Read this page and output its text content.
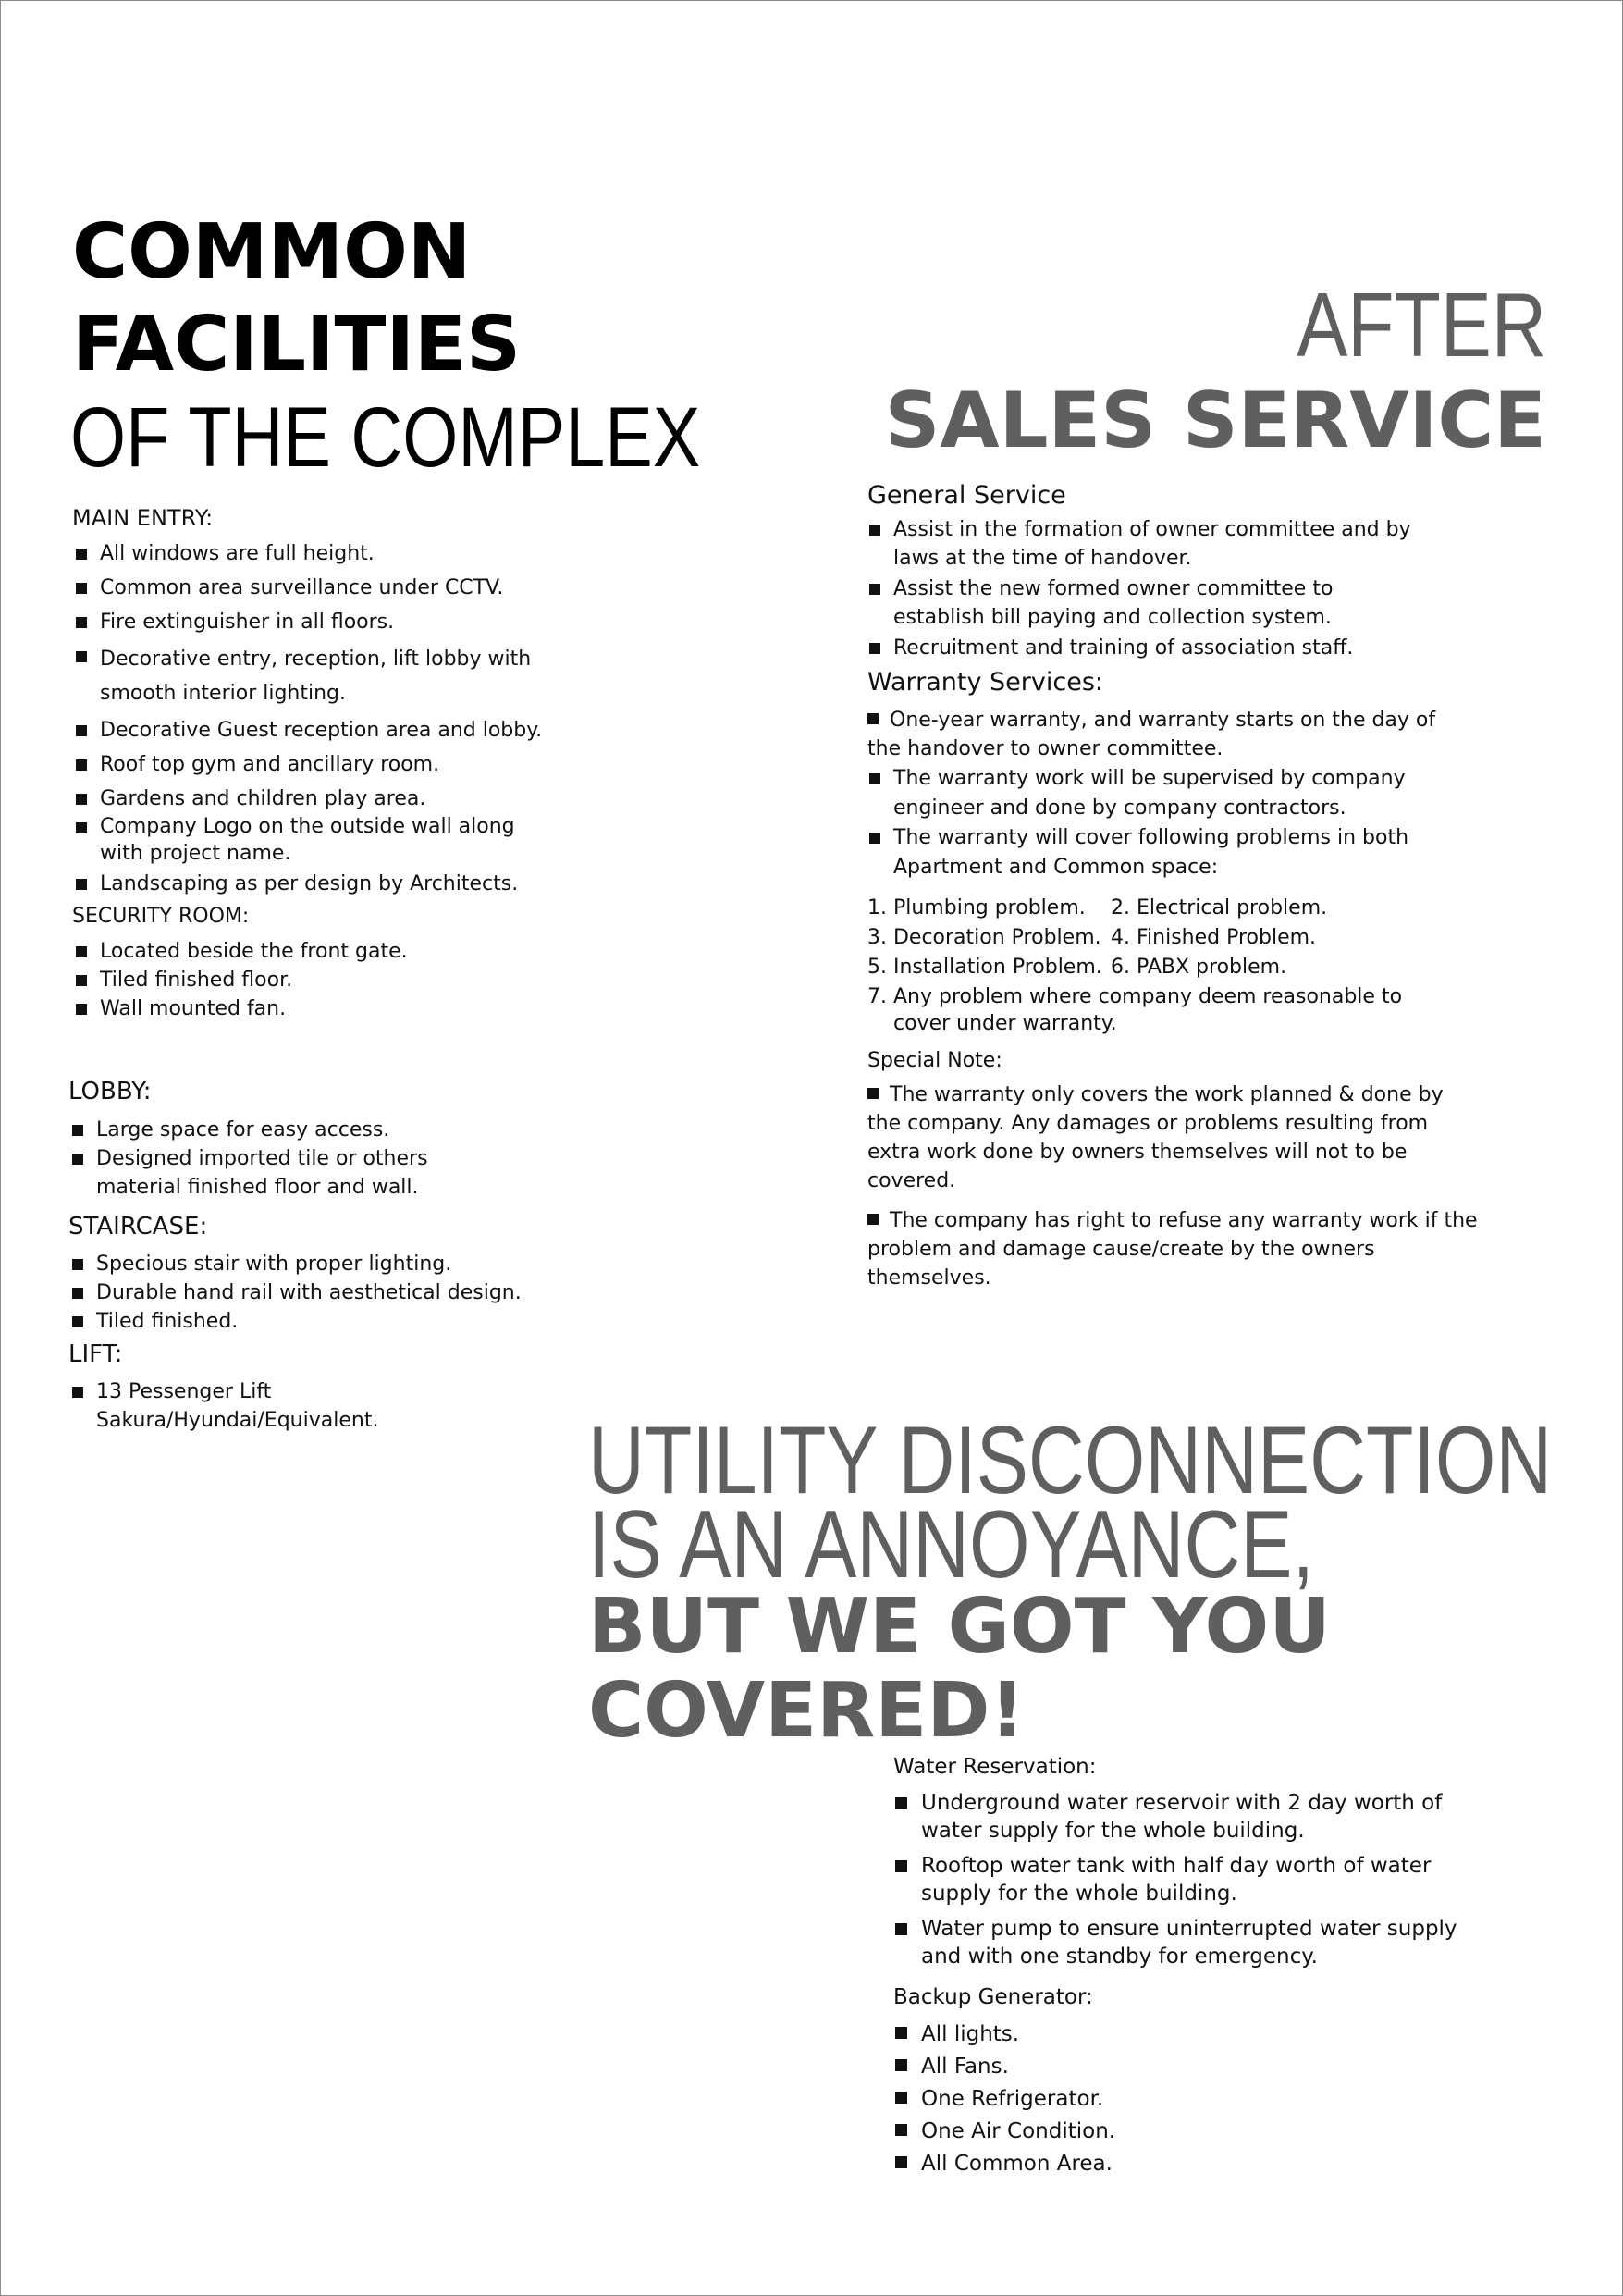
COMMON
FACILITIES
OF THE COMPLEX
MAIN ENTRY:
All windows are full height.
Common area surveillance under CCTV.
Fire extinguisher in all floors.
Decorative entry, reception, lift lobby with smooth interior lighting.
Decorative Guest reception area and lobby.
Roof top gym and ancillary room.
Gardens and children play area.
Company Logo on the outside wall along with project name.
Landscaping as per design by Architects.
SECURITY ROOM:
Located beside the front gate.
Tiled finished floor.
Wall mounted fan.
LOBBY:
Large space for easy access.
Designed imported tile or others material finished floor and wall.
STAIRCASE:
Specious stair with proper lighting.
Durable hand rail with aesthetical design.
Tiled finished.
LIFT:
13 Pessenger Lift Sakura/Hyundai/Equivalent.
AFTER
SALES SERVICE
General Service
Assist in the formation of owner committee and by laws at the time of handover.
Assist the new formed owner committee to establish bill paying and collection system.
Recruitment and training of association staff.
Warranty Services:
One-year warranty, and warranty starts on the day of the handover to owner committee.
The warranty work will be supervised by company engineer and done by company contractors.
The warranty will cover following problems in both Apartment and Common space:
1. Plumbing problem.	2. Electrical problem.
3. Decoration Problem. 4. Finished Problem.
5. Installation Problem. 6. PABX problem.
7. Any problem where company deem reasonable to cover under warranty.
Special Note:
The warranty only covers the work planned & done by the company. Any damages or problems resulting from extra work done by owners themselves will not to be covered.
The company has right to refuse any warranty work if the problem and damage cause/create by the owners themselves.
UTILITY DISCONNECTION
IS AN ANNOYANCE,
BUT WE GOT YOU
COVERED!
Water Reservation:
Underground water reservoir with 2 day worth of water supply for the whole building.
Rooftop water tank with half day worth of water supply for the whole building.
Water pump to ensure uninterrupted water supply and with one standby for emergency.
Backup Generator:
All lights.
All Fans.
One Refrigerator.
One Air Condition.
All Common Area.
